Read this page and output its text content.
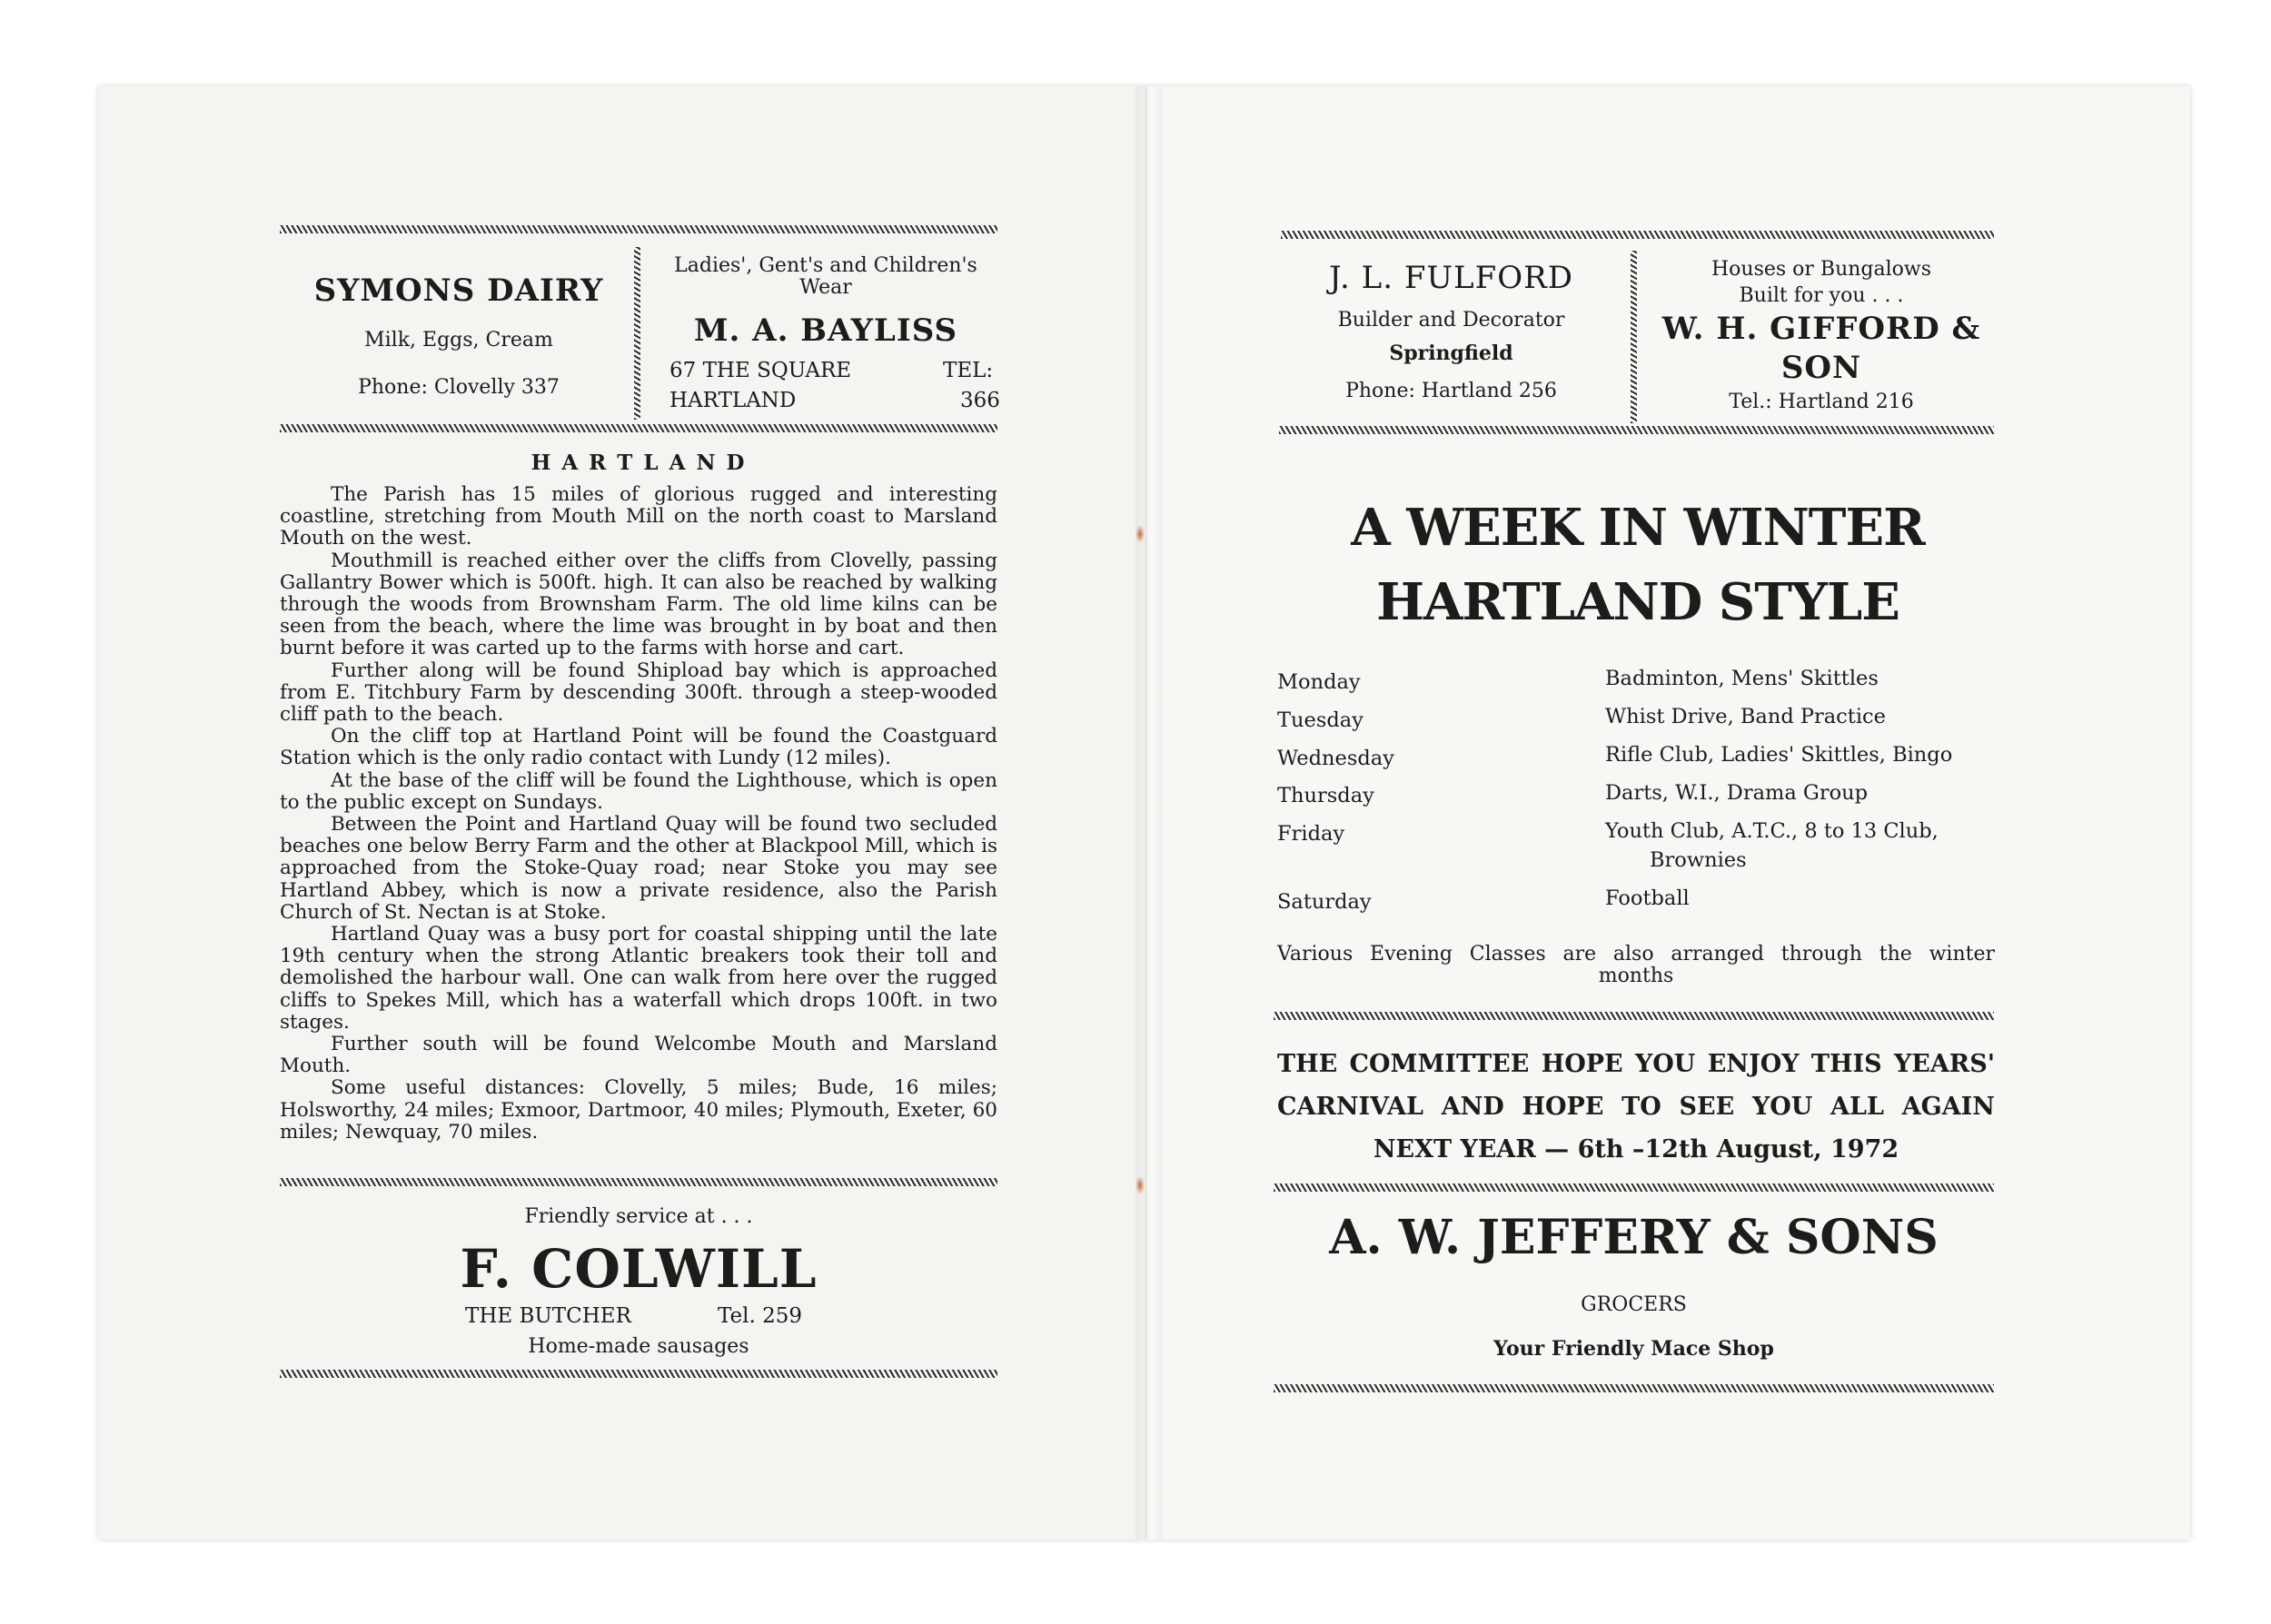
SYMONS DAIRY
Milk, Eggs, Cream
Phone: Clovelly 337
Ladies', Gent's and Children's
Wear
M. A. BAYLISS
67 THE SQUARE	TEL:
HARTLAND	366
H A R T L A N D

The Parish has 15 miles of glorious rugged and interesting coastline, stretching from Mouth Mill on the north coast to Marsland Mouth on the west.

Mouthmill is reached either over the cliffs from Clovelly, passing Gallantry Bower which is 500ft. high. It can also be reached by walking through the woods from Brownsham Farm. The old lime kilns can be seen from the beach, where the lime was brought in by boat and then burnt before it was carted up to the farms with horse and cart.

Further along will be found Shipload bay which is approached from E. Titchbury Farm by descending 300ft. through a steep-wooded cliff path to the beach.

On the cliff top at Hartland Point will be found the Coastguard Station which is the only radio contact with Lundy (12 miles).

At the base of the cliff will be found the Lighthouse, which is open to the public except on Sundays.

Between the Point and Hartland Quay will be found two secluded beaches one below Berry Farm and the other at Blackpool Mill, which is approached from the Stoke-Quay road; near Stoke you may see Hartland Abbey, which is now a private residence, also the Parish Church of St. Nectan is at Stoke.

Hartland Quay was a busy port for coastal shipping until the late 19th century when the strong Atlantic breakers took their toll and demolished the harbour wall. One can walk from here over the rugged cliffs to Spekes Mill, which has a waterfall which drops 100ft. in two stages.

Further south will be found Welcombe Mouth and Marsland Mouth.

Some useful distances: Clovelly, 5 miles; Bude, 16 miles; Holsworthy, 24 miles; Exmoor, Dartmoor, 40 miles; Plymouth, Exeter, 60 miles; Newquay, 70 miles.

Friendly service at . . .
F. COLWILL
THE BUTCHER	Tel. 259
Home-made sausages
J. L. FULFORD
Builder and Decorator
Springfield
Phone: Hartland 256
Houses or Bungalows
Built for you . . .
W. H. GIFFORD &
SON
Tel.: Hartland 216
A WEEK IN WINTER
HARTLAND STYLE
Monday	Badminton, Mens' Skittles
Tuesday	Whist Drive, Band Practice
Wednesday	Rifle Club, Ladies' Skittles, Bingo
Thursday	Darts, W.I., Drama Group
Friday	Youth Club, A.T.C., 8 to 13 Club,
Brownies
Saturday	Football
Various Evening Classes are also arranged through the winter
months
THE COMMITTEE HOPE YOU ENJOY THIS YEARS'
CARNIVAL AND HOPE TO SEE YOU ALL AGAIN
NEXT YEAR — 6th –12th August, 1972
A. W. JEFFERY & SONS
GROCERS
Your Friendly Mace Shop
